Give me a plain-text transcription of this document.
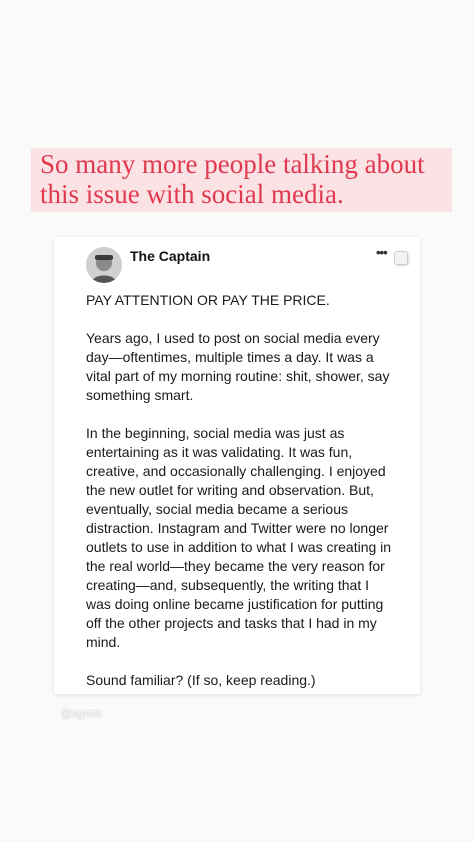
So many more people talking about this issue with social media.
The Captain	•••

PAY ATTENTION OR PAY THE PRICE.

Years ago, I used to post on social media every day—oftentimes, multiple times a day. It was a vital part of my morning routine: shit, shower, say something smart.

In the beginning, social media was just as entertaining as it was validating. It was fun, creative, and occasionally challenging. I enjoyed the new outlet for writing and observation. But, eventually, social media became a serious distraction. Instagram and Twitter were no longer outlets to use in addition to what I was creating in the real world—they became the very reason for creating—and, subsequently, the writing that I was doing online became justification for putting off the other projects and tasks that I had in my mind.

Sound familiar? (If so, keep reading.)

@sgrstk
